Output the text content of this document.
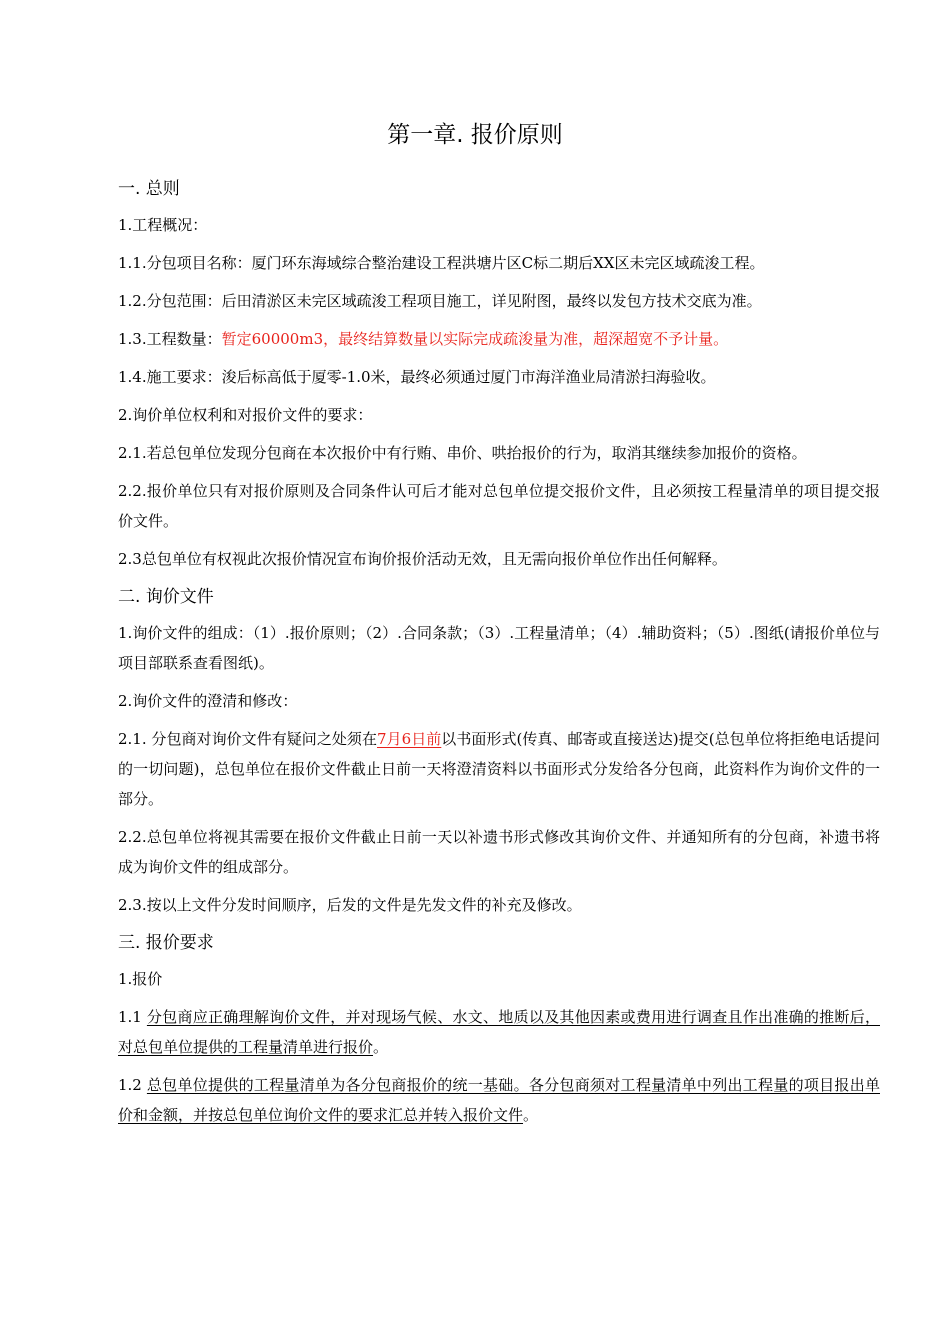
第一章. 报价原则
一. 总则
1.工程概况：
1.1.分包项目名称：厦门环东海域综合整治建设工程洪塘片区C标二期后XX区未完区域疏浚工程。
1.2.分包范围：后田清淤区未完区域疏浚工程项目施工，详见附图，最终以发包方技术交底为准。
1.3.工程数量：暂定60000m3，最终结算数量以实际完成疏浚量为准，超深超宽不予计量。
1.4.施工要求：浚后标高低于厦零-1.0米，最终必须通过厦门市海洋渔业局清淤扫海验收。
2.询价单位权利和对报价文件的要求：
2.1.若总包单位发现分包商在本次报价中有行贿、串价、哄抬报价的行为，取消其继续参加报价的资格。
2.2.报价单位只有对报价原则及合同条件认可后才能对总包单位提交报价文件，且必须按工程量清单的项目提交报价文件。
2.3总包单位有权视此次报价情况宣布询价报价活动无效，且无需向报价单位作出任何解释。
二. 询价文件
1.询价文件的组成：（1）.报价原则；（2）.合同条款；（3）.工程量清单；（4）.辅助资料；（5）.图纸(请报价单位与项目部联系查看图纸)。
2.询价文件的澄清和修改：
2.1. 分包商对询价文件有疑问之处须在7月6日前以书面形式(传真、邮寄或直接送达)提交(总包单位将拒绝电话提问的一切问题)，总包单位在报价文件截止日前一天将澄清资料以书面形式分发给各分包商，此资料作为询价文件的一部分。
2.2.总包单位将视其需要在报价文件截止日前一天以补遗书形式修改其询价文件、并通知所有的分包商，补遗书将成为询价文件的组成部分。
2.3.按以上文件分发时间顺序，后发的文件是先发文件的补充及修改。
三. 报价要求
1.报价
1.1 分包商应正确理解询价文件，并对现场气候、水文、地质以及其他因素或费用进行调查且作出准确的推断后，对总包单位提供的工程量清单进行报价。
1.2 总包单位提供的工程量清单为各分包商报价的统一基础。各分包商须对工程量清单中列出工程量的项目报出单价和金额，并按总包单位询价文件的要求汇总并转入报价文件。
